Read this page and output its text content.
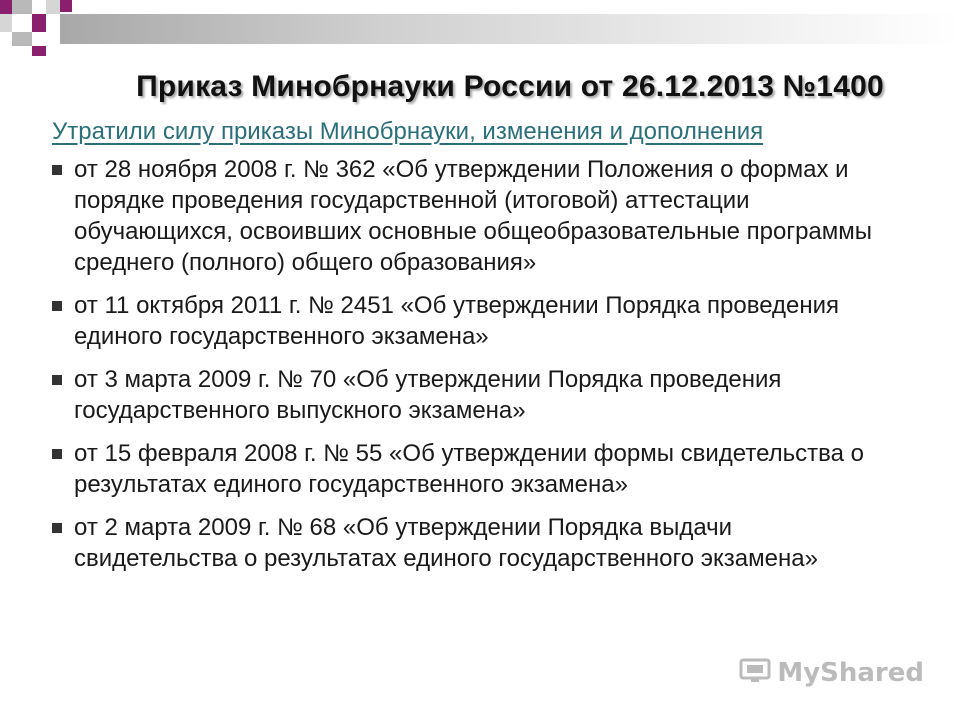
Приказ Минобрнауки России от 26.12.2013 №1400
Утратили силу приказы Минобрнауки, изменения и дополнения
от 28 ноября 2008 г. № 362 «Об утверждении Положения о формах и порядке проведения государственной (итоговой) аттестации обучающихся, освоивших основные общеобразовательные программы среднего (полного) общего образования»
от 11 октября 2011 г. № 2451 «Об утверждении Порядка проведения единого государственного экзамена»
от 3 марта 2009 г. № 70 «Об утверждении Порядка проведения государственного выпускного экзамена»
от 15 февраля 2008 г. № 55 «Об утверждении формы свидетельства о результатах единого государственного экзамена»
от 2 марта 2009 г. № 68 «Об утверждении Порядка выдачи свидетельства о результатах единого государственного экзамена»
MyShared
